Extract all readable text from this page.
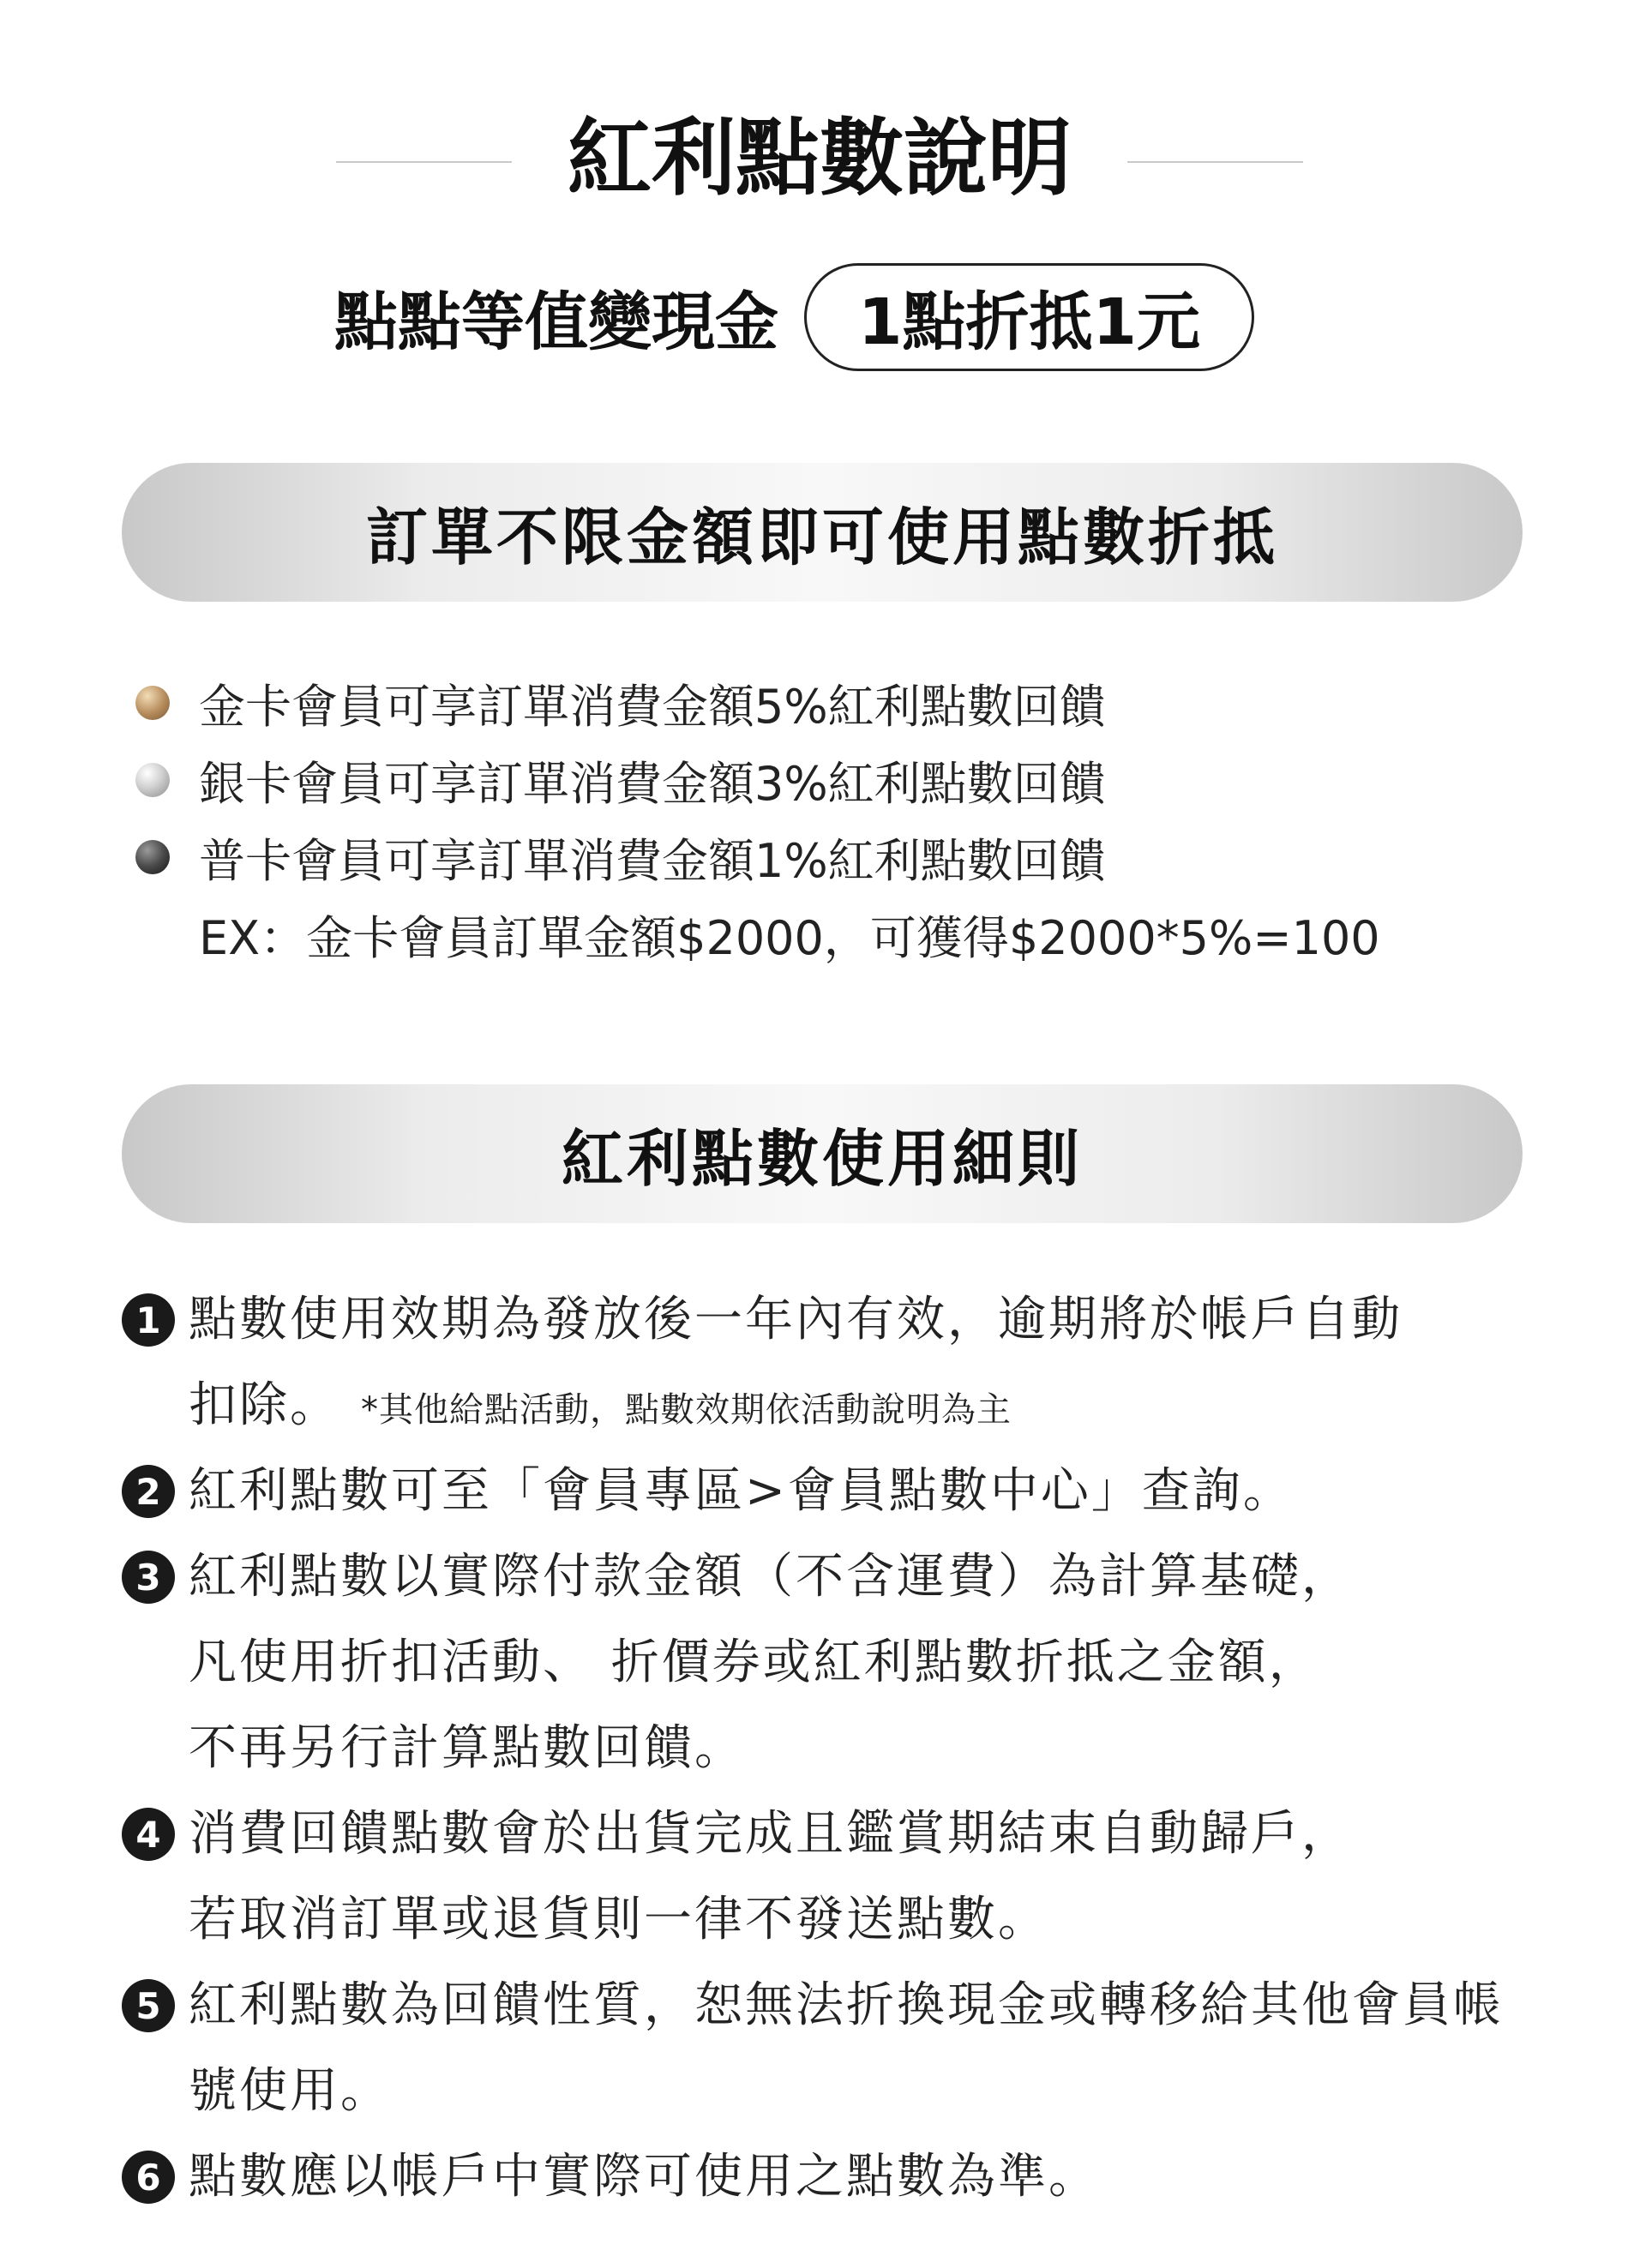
紅利點數說明
點點等值變現金	1點折抵1元
訂單不限金額即可使用點數折抵
金卡會員可享訂單消費金額5%紅利點數回饋
銀卡會員可享訂單消費金額3%紅利點數回饋
普卡會員可享訂單消費金額1%紅利點數回饋
EX：金卡會員訂單金額$2000，可獲得$2000*5%=100
紅利點數使用細則
1 點數使用效期為發放後一年內有效，逾期將於帳戶自動
扣除。 *其他給點活動，點數效期依活動說明為主
2 紅利點數可至「會員專區>會員點數中心」查詢。
3 紅利點數以實際付款金額（不含運費）為計算基礎，
凡使用折扣活動、 折價券或紅利點數折抵之金額，
不再另行計算點數回饋。
4 消費回饋點數會於出貨完成且鑑賞期結束自動歸戶，
若取消訂單或退貨則一律不發送點數。
5 紅利點數為回饋性質，恕無法折換現金或轉移給其他會員帳
號使用。
6 點數應以帳戶中實際可使用之點數為準。
